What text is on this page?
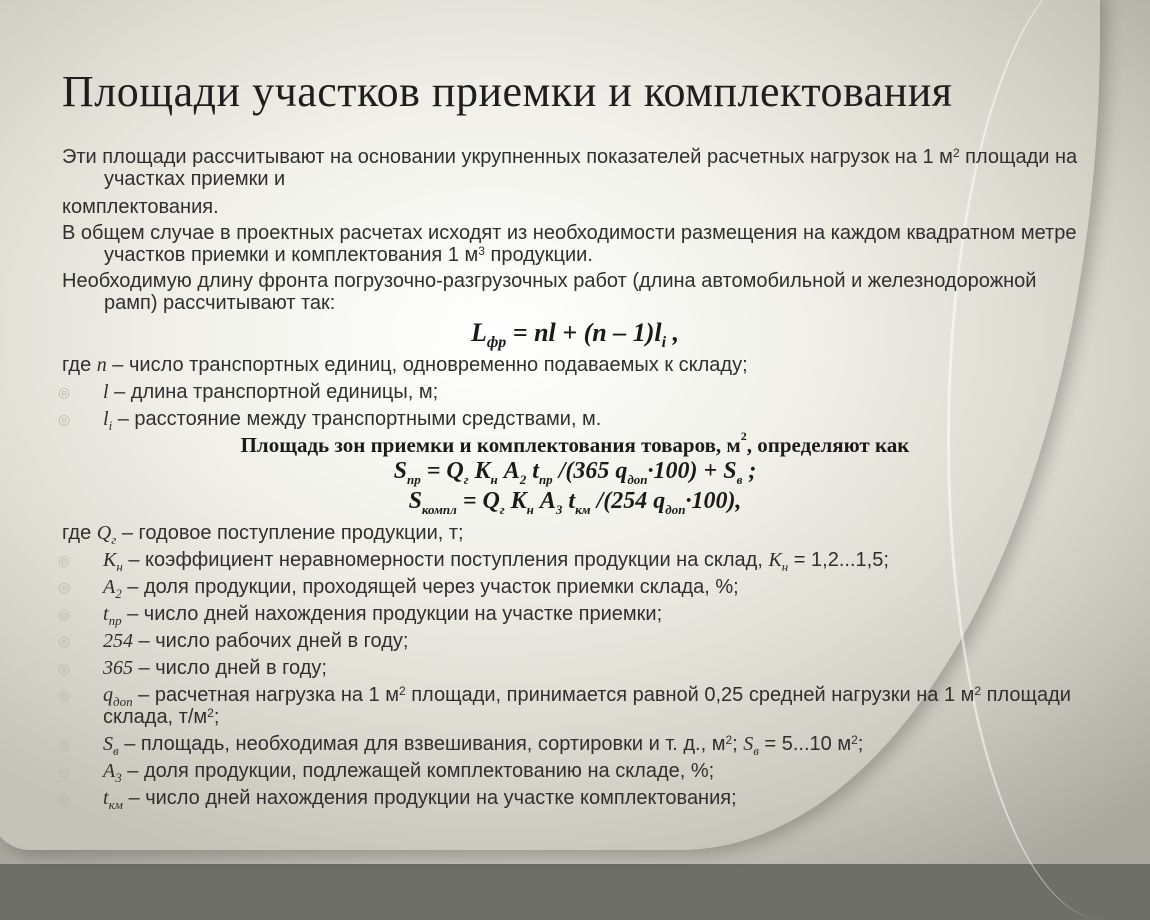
Площади участков приемки и комплектования

Эти площади рассчитывают на основании укрупненных показателей расчетных нагрузок на 1 $м^2$ площади на
участках приемки и

комплектования.

В общем случае в проектных расчетах исходят из необходимости размещения на каждом квадратном метре
участков приемки и комплектования 1 $м^3$ продукции.

Необходимую длину фронта погрузочно-разгрузочных работ (длина автомобильной и железнодорожной
рамп) рассчитывают так:

$L_{фр}$ = nl + $(n - 1)l_i$ ,

где n – число транспортных единиц, одновременно подаваемых к складу;

◎ l – длина транспортной единицы, м;
◎ $l_i$ – расстояние между транспортными средствами, м.
Площадь зон приемки и комплектования товаров, $м^2$, определяют как
$S_{пр} = Q_г$ $K_н$ $A_2$ $t_{пр}$ /(365 $q_{доп}\cdot 100) + S_в$ ;
$S_{компл} = Q_г$ $K_н$ $A_3$ $t_{км}$ /(254 $q_{доп}\cdot 100$),

где $Q_г$ – годовое поступление продукции, т;

◎ $K_н$ – коэффициент неравномерности поступления продукции на склад, $K_н = 1,2...1,5$;
◎ $A_2$ – доля продукции, проходящей через участок приемки склада, %;
◎ $t_{пр}$ – число дней нахождения продукции на участке приемки;
◎ 254 – число рабочих дней в году;
◎ 365 – число дней в году;
◎ $q_{доп}$ – расчетная нагрузка на 1 $м^2$ площади, принимается равной 0,25 средней нагрузки на 1 $м^2$ площади
◎ $S_в$ – площадь, необходимая для взвешивания, сортировки и т. д., $м^2$; $S_в = 5...10$ $м^2$;
◎ $A_3$ – доля продукции, подлежащей комплектованию на складе, %;
◎ $t_{км}$ – число дней нахождения продукции на участке комплектования;
склада, $т/м^2$;
